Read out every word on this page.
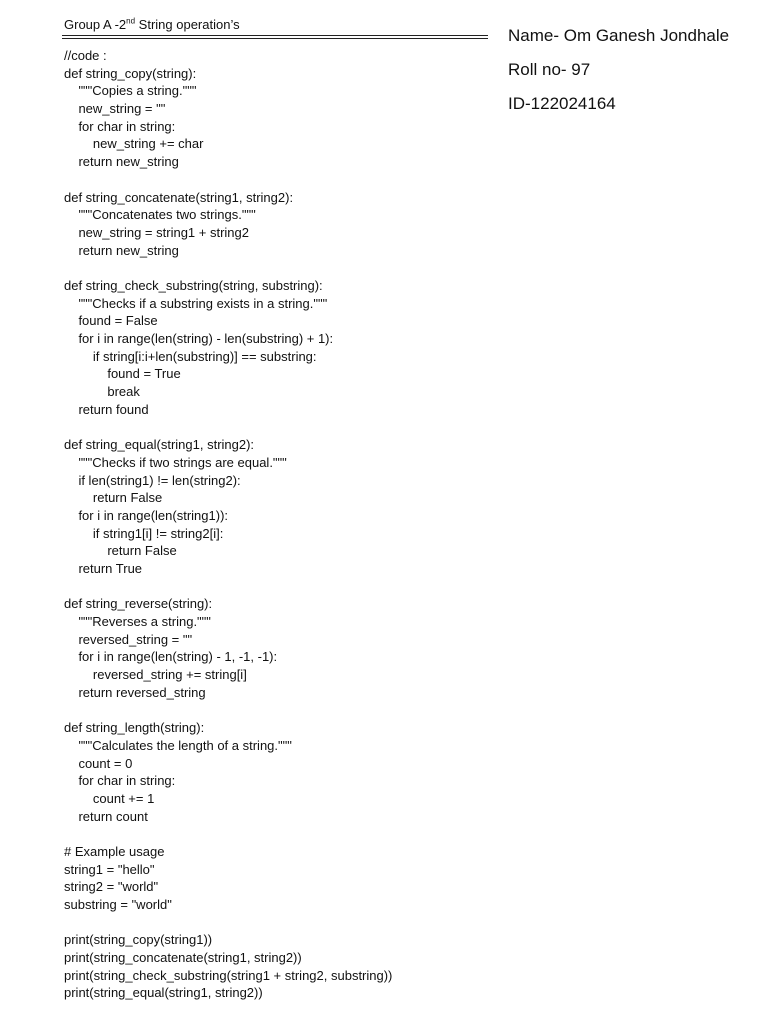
Group A -2nd String operation’s
Name- Om Ganesh Jondhale
Roll no- 97
ID-122024164
//code :
def string_copy(string):
"""Copies a string."""
new_string = ""
for char in string:
new_string += char
return new_string
def string_concatenate(string1, string2):
"""Concatenates two strings."""
new_string = string1 + string2
return new_string
def string_check_substring(string, substring):
"""Checks if a substring exists in a string."""
found = False
for i in range(len(string) - len(substring) + 1):
if string[i:i+len(substring)] == substring:
found = True
break
return found
def string_equal(string1, string2):
"""Checks if two strings are equal."""
if len(string1) != len(string2):
return False
for i in range(len(string1)):
if string1[i] != string2[i]:
return False
return True
def string_reverse(string):
"""Reverses a string."""
reversed_string = ""
for i in range(len(string) - 1, -1, -1):
reversed_string += string[i]
return reversed_string
def string_length(string):
"""Calculates the length of a string."""
count = 0
for char in string:
count += 1
return count
# Example usage
string1 = "hello"
string2 = "world"
substring = "world"
print(string_copy(string1))
print(string_concatenate(string1, string2))
print(string_check_substring(string1 + string2, substring))
print(string_equal(string1, string2))
